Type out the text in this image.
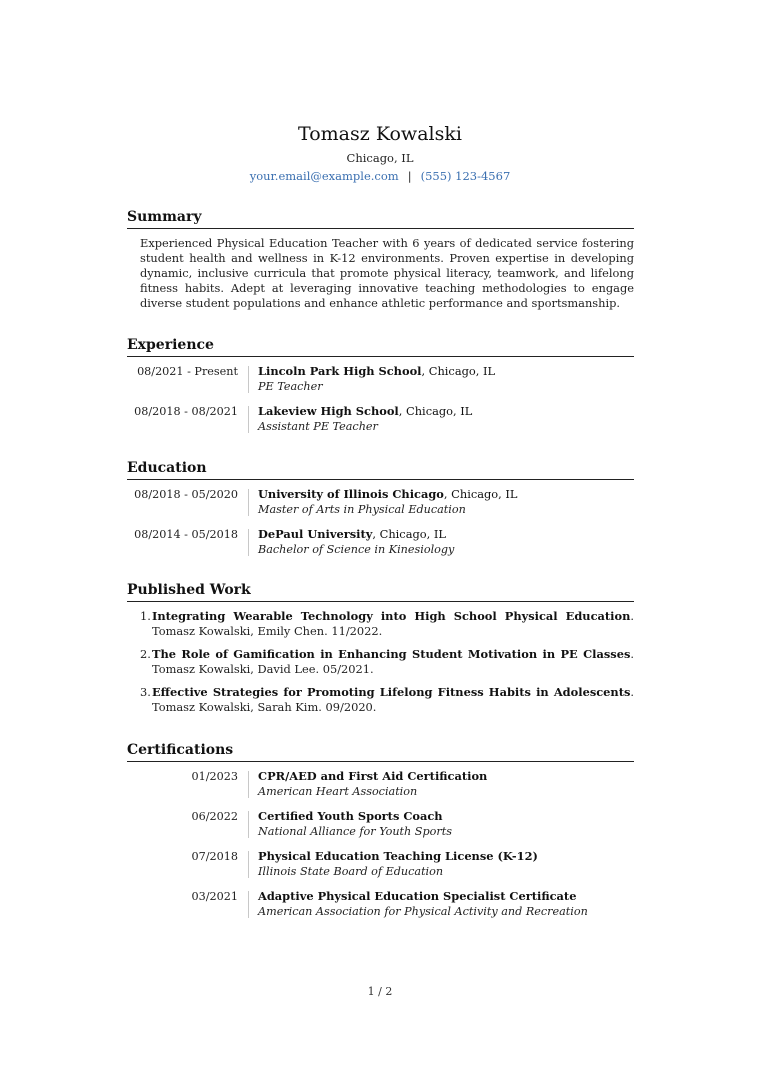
Tomasz Kowalski
Chicago, IL
your.email@example.com | (555) 123-4567
Summary

Experienced Physical Education Teacher with 6 years of dedicated service fostering student health and wellness in K-12 environments. Proven expertise in developing dynamic, inclusive curricula that promote physical literacy, teamwork, and lifelong fitness habits. Adept at leveraging innovative teaching methodologies to engage diverse student populations and enhance athletic performance and sportsmanship.

Experience
08/2021 - Present Lincoln Park High School, Chicago, IL
PE Teacher
08/2018 - 08/2021 Lakeview High School, Chicago, IL
Assistant PE Teacher
Education
08/2018 - 05/2020 University of Illinois Chicago, Chicago, IL
Master of Arts in Physical Education
08/2014 - 05/2018 DePaul University, Chicago, IL
Bachelor of Science in Kinesiology
Published Work
1. Integrating Wearable Technology into High School Physical Education. Tomasz Kowalski, Emily Chen. 11/2022.
2. The Role of Gamification in Enhancing Student Motivation in PE Classes. Tomasz Kowalski, David Lee. 05/2021.
3. Effective Strategies for Promoting Lifelong Fitness Habits in Adolescents. Tomasz Kowalski, Sarah Kim. 09/2020.
Certifications
01/2023 CPR/AED and First Aid Certification
American Heart Association
06/2022 Certified Youth Sports Coach
National Alliance for Youth Sports
07/2018 Physical Education Teaching License (K-12)
Illinois State Board of Education
03/2021 Adaptive Physical Education Specialist Certificate
American Association for Physical Activity and Recreation
1 / 2
